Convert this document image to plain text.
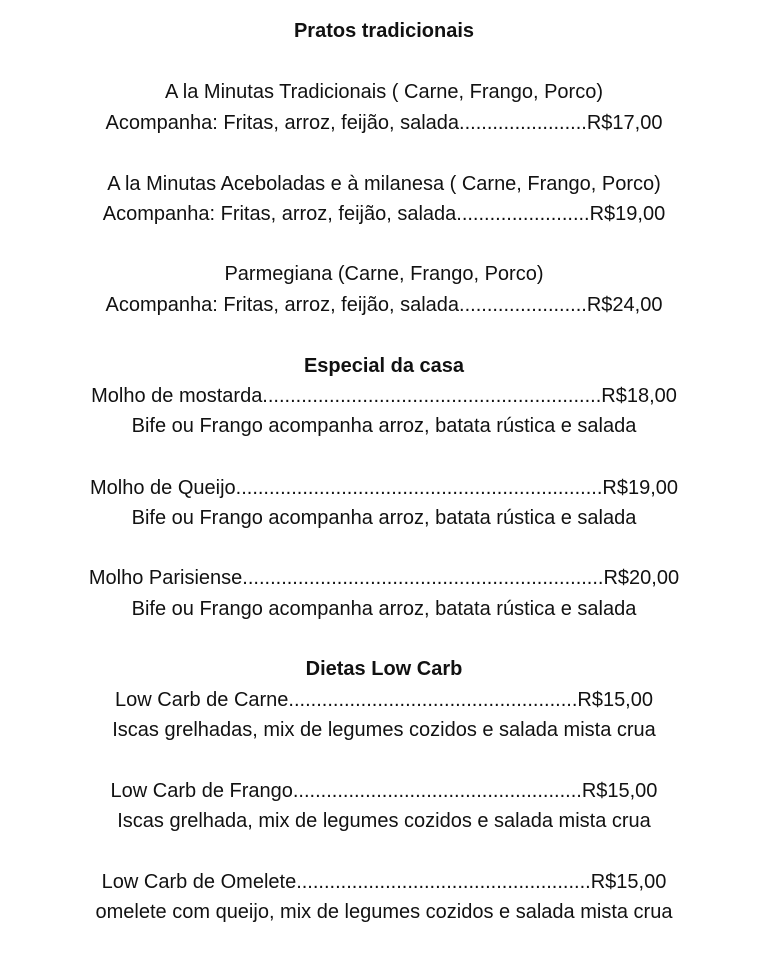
Pratos tradicionais
A la Minutas Tradicionais ( Carne, Frango, Porco)
Acompanha: Fritas, arroz, feijão, salada.......................R$17,00
A la Minutas Aceboladas e à milanesa ( Carne, Frango, Porco)
Acompanha: Fritas, arroz, feijão, salada........................R$19,00
Parmegiana (Carne, Frango, Porco)
Acompanha: Fritas, arroz, feijão, salada.......................R$24,00
Especial da casa
Molho de mostarda.............................................................R$18,00
Bife ou Frango acompanha arroz, batata rústica e salada
Molho de Queijo..................................................................R$19,00
Bife ou Frango acompanha arroz, batata rústica e salada
Molho Parisiense.................................................................R$20,00
Bife ou Frango acompanha arroz, batata rústica e salada
Dietas Low Carb
Low Carb de Carne....................................................R$15,00
Iscas grelhadas, mix de legumes cozidos e salada mista crua
Low Carb de Frango....................................................R$15,00
Iscas grelhada, mix de legumes cozidos e salada mista crua
Low Carb de Omelete.....................................................R$15,00
omelete com queijo, mix de legumes cozidos e salada mista crua
